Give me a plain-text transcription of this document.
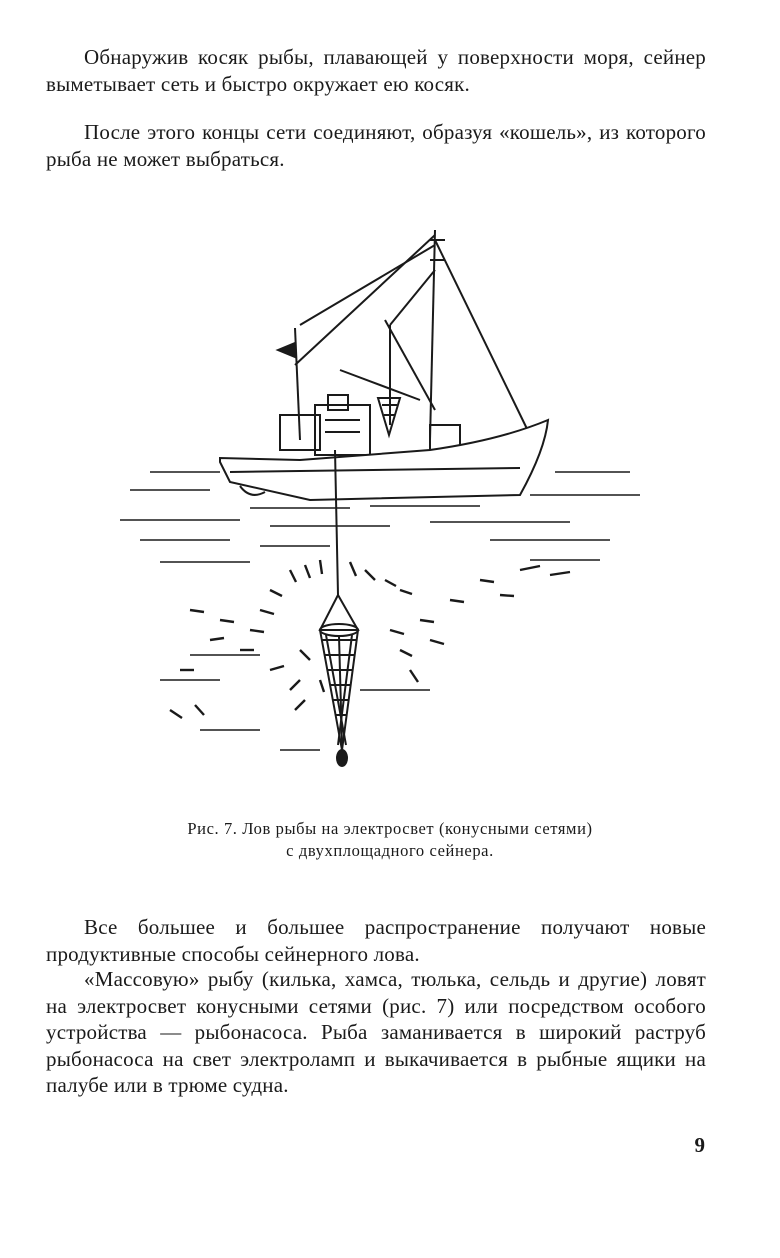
Обнаружив косяк рыбы, плавающей у поверхности моря, сейнер выметывает сеть и быстро окружает ею косяк.

После этого концы сети соединяют, образуя «кошель», из которого рыба не может выбраться.

Рис. 7. Лов рыбы на электросвет (конусными сетями)
с двухплощадного сейнера.

Все большее и большее распространение получают новые продуктивные способы сейнерного лова.

«Массовую» рыбу (килька, хамса, тюлька, сельдь и другие) ловят на электросвет конусными сетями (рис. 7) или посредством особого устройства — рыбонасоса. Рыба заманивается в широкий раструб рыбонасоса на свет электроламп и выкачивается в рыбные ящики на палубе или в трюме судна.

9
